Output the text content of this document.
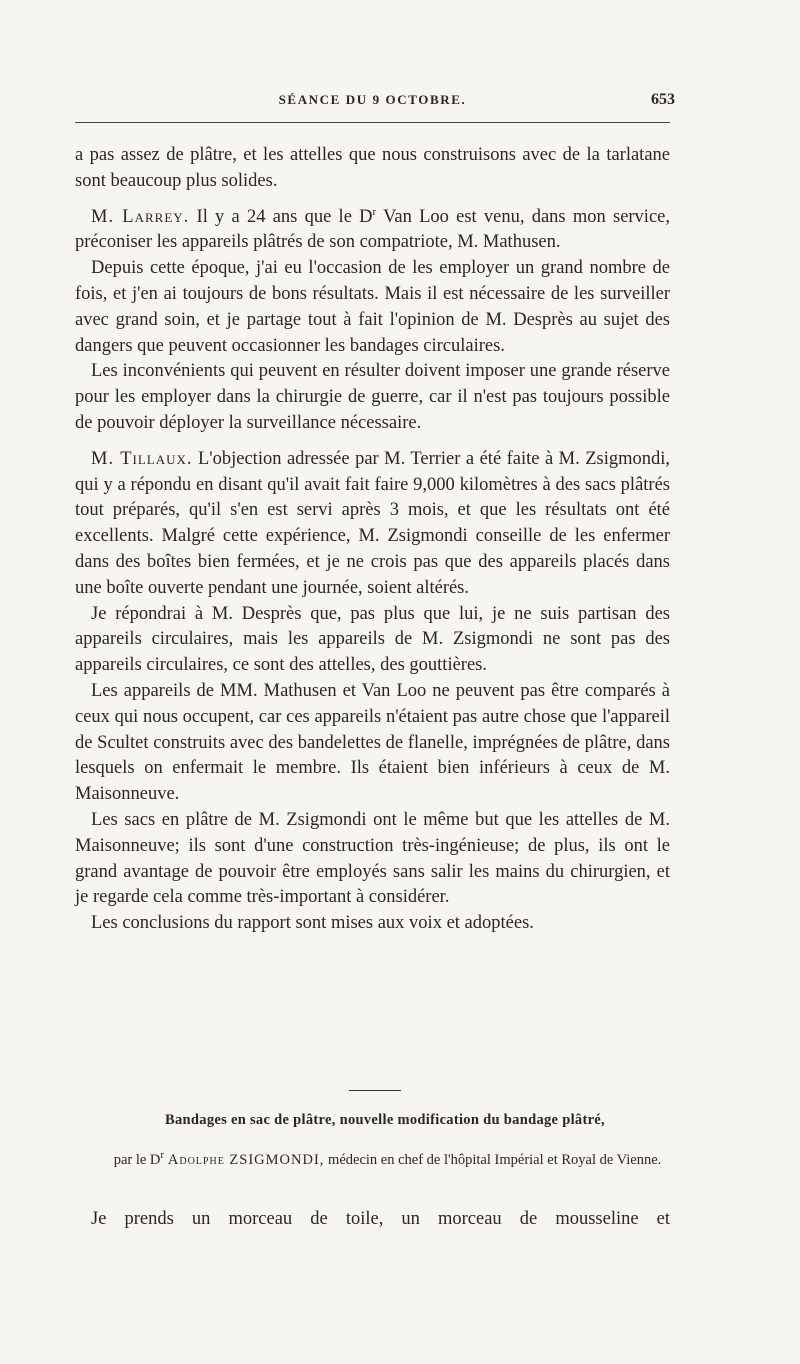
SÉANCE DU 9 OCTOBRE.	653

a pas assez de plâtre, et les attelles que nous construisons avec de la tarlatane sont beaucoup plus solides.

M. Larrey. Il y a 24 ans que le $D^r$ Van Loo est venu, dans mon service, préconiser les appareils plâtrés de son compatriote, M. Mathusen.

Depuis cette époque, j'ai eu l'occasion de les employer un grand nombre de fois, et j'en ai toujours de bons résultats. Mais il est nécessaire de les surveiller avec grand soin, et je partage tout à fait l'opinion de M. Desprès au sujet des dangers que peuvent occasionner les bandages circulaires.

Les inconvénients qui peuvent en résulter doivent imposer une grande réserve pour les employer dans la chirurgie de guerre, car il n'est pas toujours possible de pouvoir déployer la surveillance nécessaire.

M. Tillaux. L'objection adressée par M. Terrier a été faite à M. Zsigmondi, qui y a répondu en disant qu'il avait fait faire 9,000 kilomètres à des sacs plâtrés tout préparés, qu'il s'en est servi après 3 mois, et que les résultats ont été excellents. Malgré cette expérience, M. Zsigmondi conseille de les enfermer dans des boîtes bien fermées, et je ne crois pas que des appareils placés dans une boîte ouverte pendant une journée, soient altérés.

Je répondrai à M. Desprès que, pas plus que lui, je ne suis partisan des appareils circulaires, mais les appareils de M. Zsigmondi ne sont pas des appareils circulaires, ce sont des attelles, des gouttières.

Les appareils de MM. Mathusen et Van Loo ne peuvent pas être comparés à ceux qui nous occupent, car ces appareils n'étaient pas autre chose que l'appareil de Scultet construits avec des bandelettes de flanelle, imprégnées de plâtre, dans lesquels on enfermait le membre. Ils étaient bien inférieurs à ceux de M. Maisonneuve.

Les sacs en plâtre de M. Zsigmondi ont le même but que les attelles de M. Maisonneuve; ils sont d'une construction très-ingénieuse; de plus, ils ont le grand avantage de pouvoir être employés sans salir les mains du chirurgien, et je regarde cela comme très-important à considérer.

Les conclusions du rapport sont mises aux voix et adoptées.

Bandages en sac de plâtre, nouvelle modification du bandage plâtré,
par le $D^r$ Adolphe ZSIGMONDI, médecin en chef de l'hôpital Impérial et Royal de Vienne.
Je prends un morceau de toile, un morceau de mousseline et
